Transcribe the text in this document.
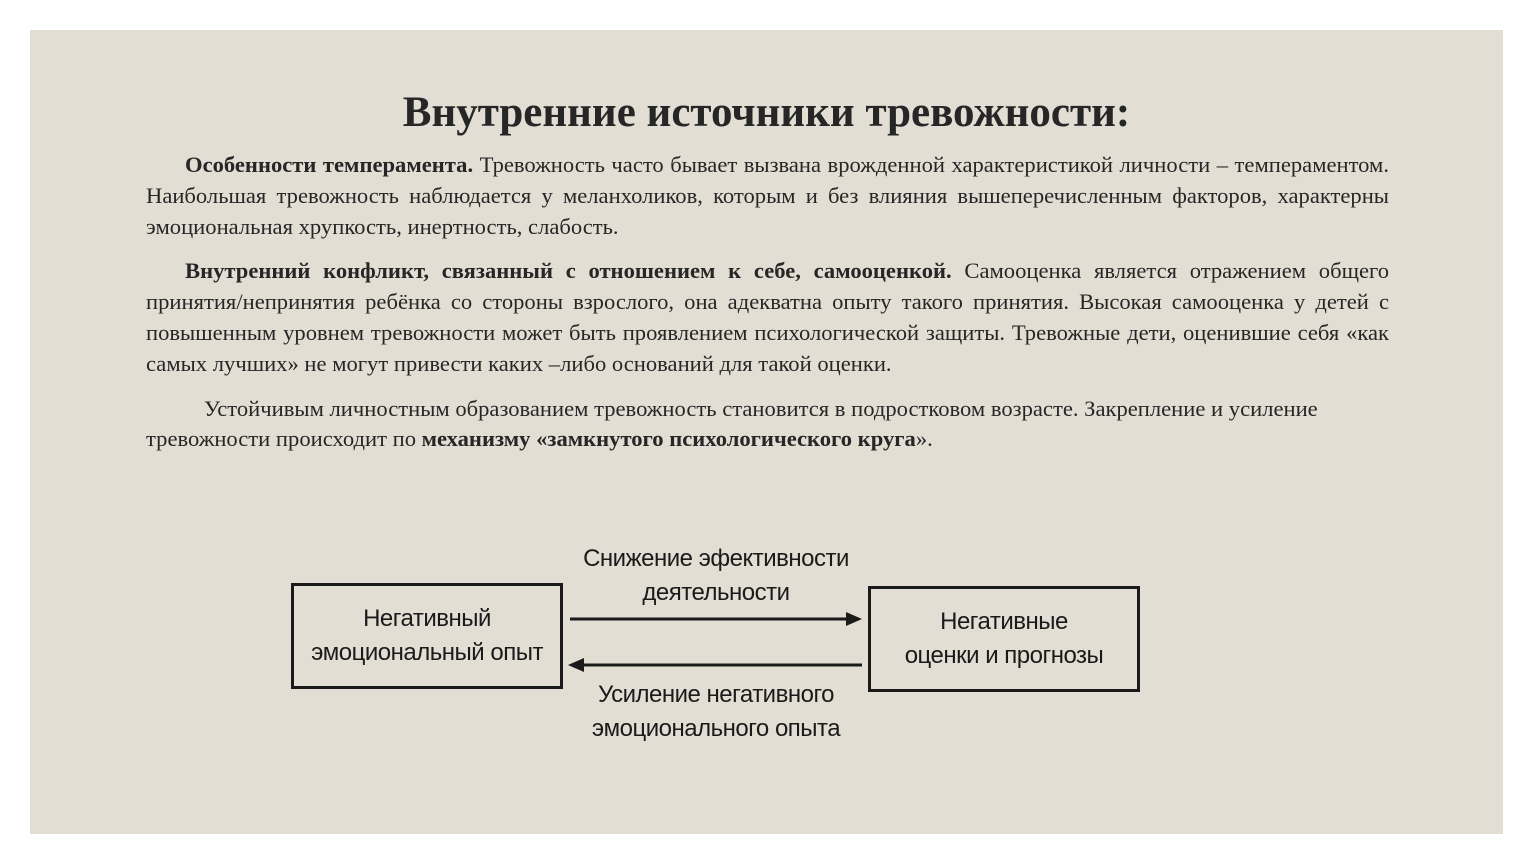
Внутренние источники тревожности:

Особенности темперамента. Тревожность часто бывает вызвана врожденной характеристикой личности – темпераментом. Наибольшая тревожность наблюдается у меланхоликов, которым и без влияния вышеперечисленным факторов, характерны эмоциональная хрупкость, инертность, слабость.

Внутренний конфликт, связанный с отношением к себе, самооценкой. Самооценка является отражением общего принятия/непринятия ребёнка со стороны взрослого, она адекватна опыту такого принятия. Высокая самооценка у детей с повышенным уровнем тревожности может быть проявлением психологической защиты. Тревожные дети, оценившие себя «как самых лучших» не могут привести каких –либо оснований для такой оценки.

Устойчивым личностным образованием тревожность становится в подростковом возрасте. Закрепление и усиление тревожности происходит по механизму «замкнутого психологического круга».

Негативный
эмоциональный опыт
Негативные
оценки и прогнозы
Снижение эфективности
деятельности
Усиление негативного
эмоционального опыта
